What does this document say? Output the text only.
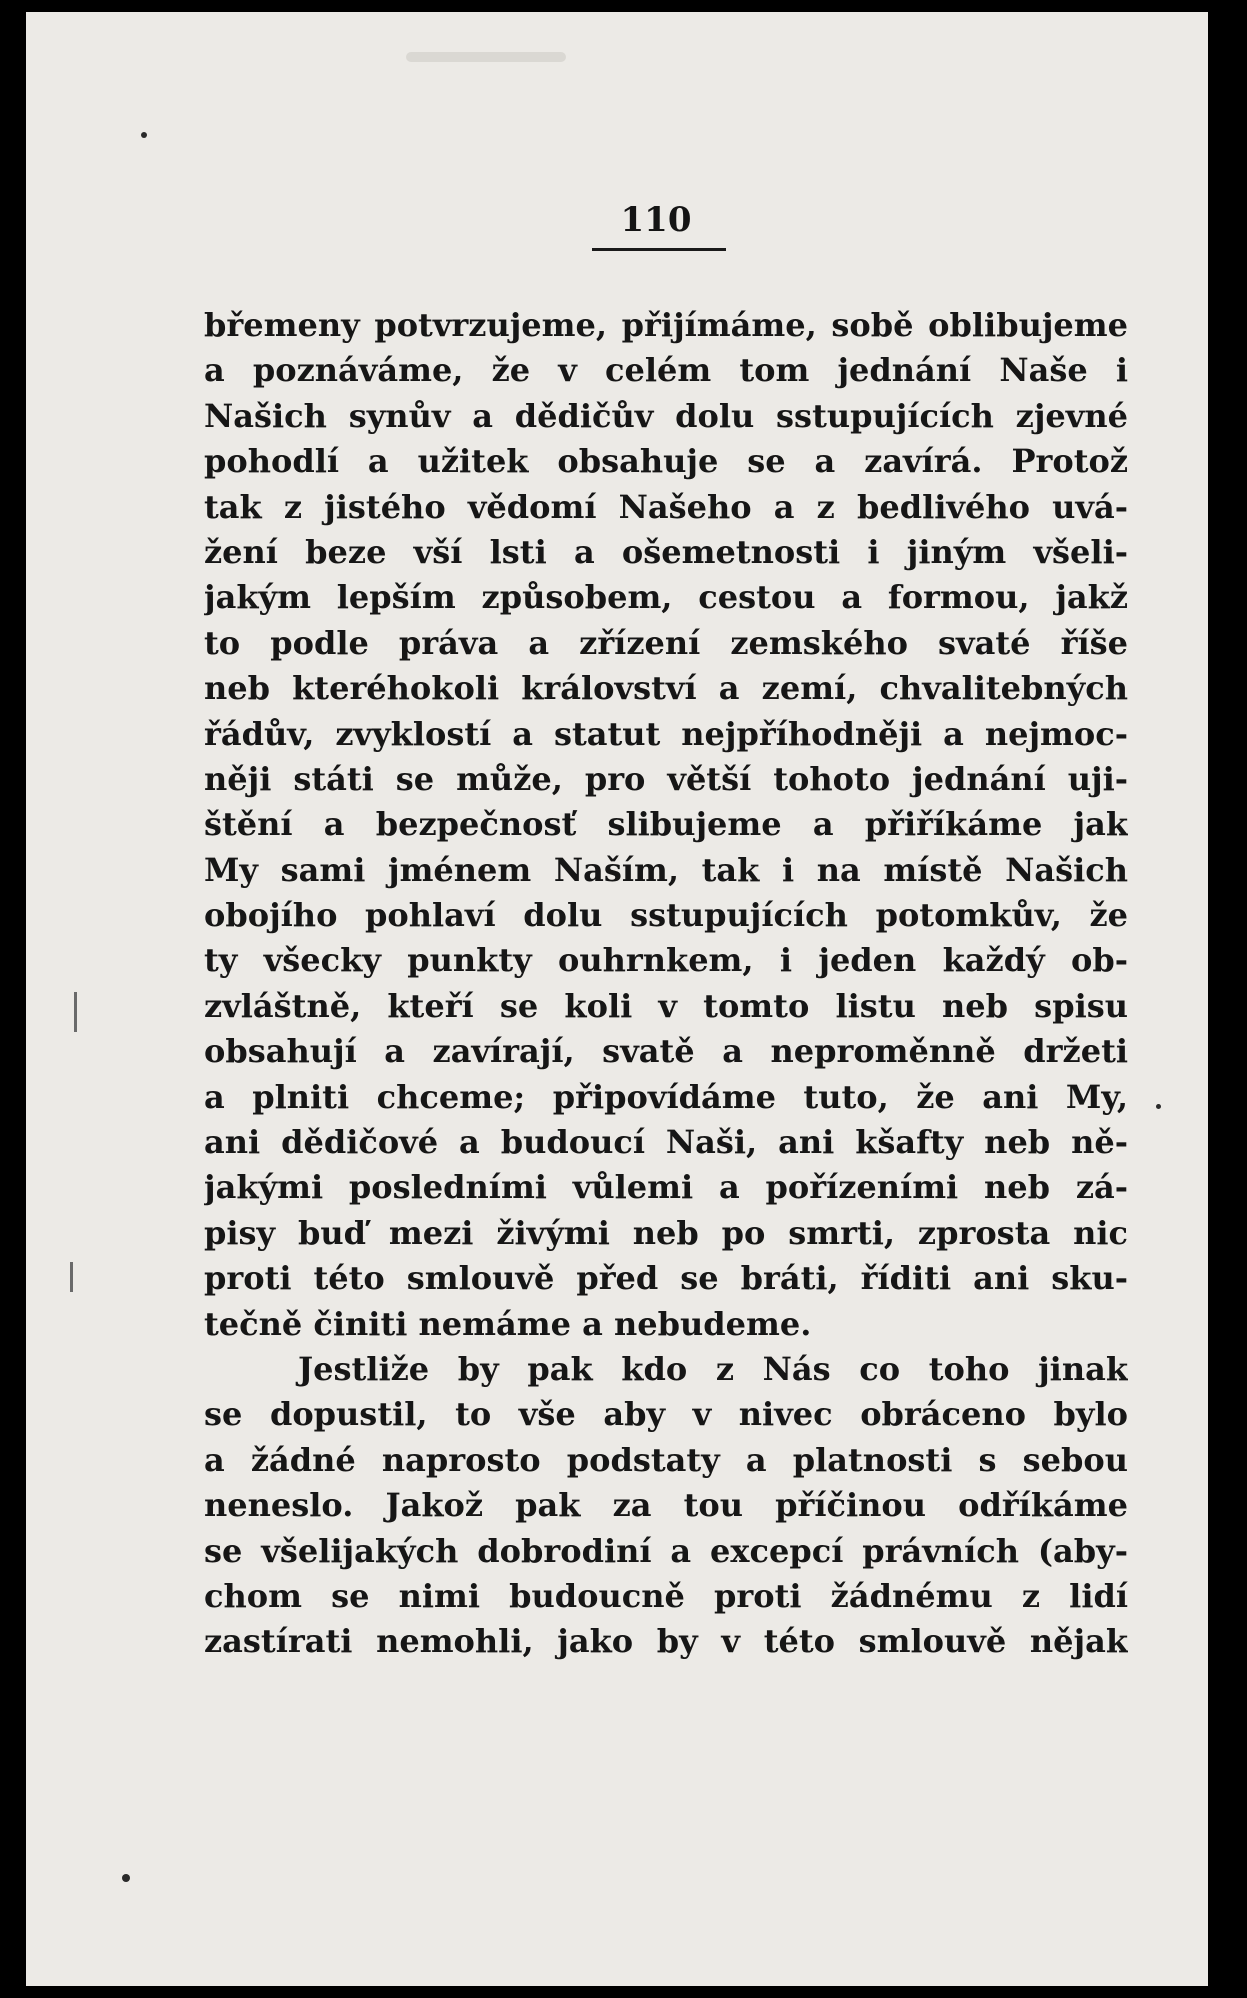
110
břemeny potvrzujeme, přijímáme, sobě oblibujeme
a poznáváme, že v celém tom jednání Naše i
Našich synův a dědičův dolu sstupujících zjevné
pohodlí a užitek obsahuje se a zavírá. Protož
tak z jistého vědomí Našeho a z bedlivého uvá-
žení beze vší lsti a ošemetnosti i jiným všeli-
jakým lepším způsobem, cestou a formou, jakž
to podle práva a zřízení zemského svaté říše
neb kteréhokoli království a zemí, chvalitebných
řádův, zvyklostí a statut nejpříhodněji a nejmoc-
něji státi se může, pro větší tohoto jednání uji-
štění a bezpečnosť slibujeme a přiříkáme jak
My sami jménem Naším, tak i na místě Našich
obojího pohlaví dolu sstupujících potomkův, že
ty všecky punkty ouhrnkem, i jeden každý ob-
zvláštně, kteří se koli v tomto listu neb spisu
obsahují a zavírají, svatě a neproměnně držeti
a plniti chceme; připovídáme tuto, že ani My,
ani dědičové a budoucí Naši, ani kšafty neb ně-
jakými posledními vůlemi a pořízeními neb zá-
pisy buď mezi živými neb po smrti, zprosta nic
proti této smlouvě před se bráti, říditi ani sku-
tečně činiti nemáme a nebudeme.
Jestliže by pak kdo z Nás co toho jinak
se dopustil, to vše aby v nivec obráceno bylo
a žádné naprosto podstaty a platnosti s sebou
neneslo. Jakož pak za tou příčinou odříkáme
se všelijakých dobrodiní a excepcí právních (aby-
chom se nimi budoucně proti žádnému z lidí
zastírati nemohli, jako by v této smlouvě nějak
